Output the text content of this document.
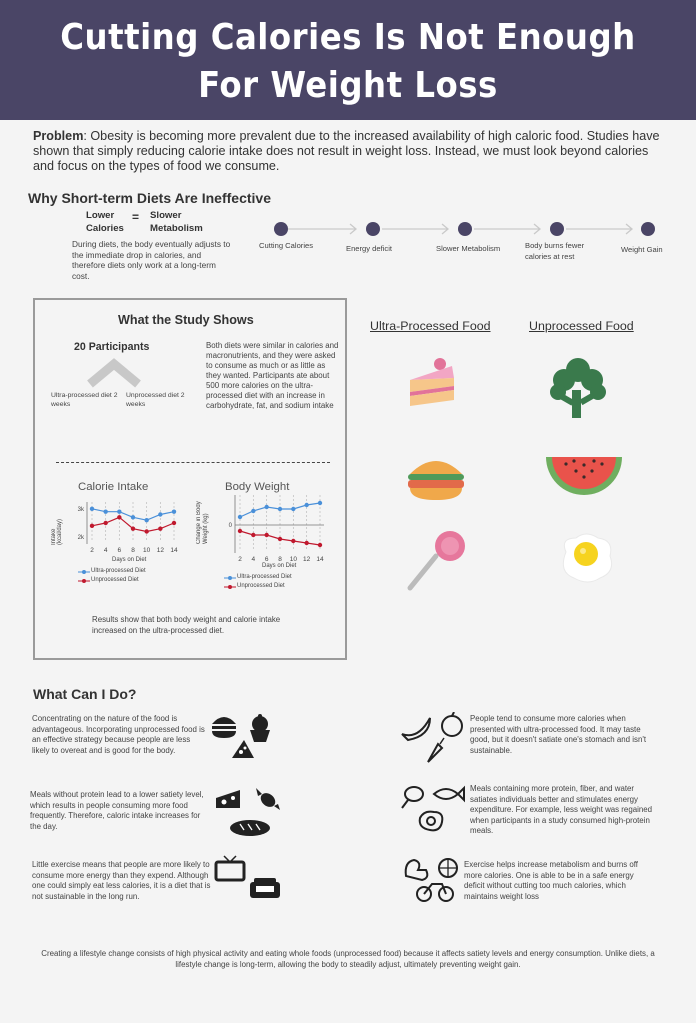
Cutting Calories Is Not Enough
For Weight Loss
Problem: Obesity is becoming more prevalent due to the increased availability of high caloric food. Studies have shown that simply reducing calorie intake does not result in weight loss. Instead, we must look beyond calories and focus on the types of food we consume.
Why Short-term Diets Are Ineffective
Lower Calories
= Slower Metabolism
During diets, the body eventually adjusts to the immediate drop in calories, and therefore diets only work at a long-term cost.
Cutting Calories	Energy deficit	Slower Metabolism	Body burns fewer calories at rest
Weight Gain
What the Study Shows
20 Participants
Ultra-processed diet 2 weeks
Unprocessed diet 2 weeks
Both diets were similar in calories and macronutrients, and they were asked to consume as much or as little as they wanted. Participants ate about 500 more calories on the ultra-processed diet with an increase in carbohydrate, fat, and sodium intake
Calorie Intake
Intake (kcal/day)
2 4 6 8 10 12 14
3k
2k
Days on Diet
Ultra-processed Diet
Unprocessed Diet
Body Weight
Change in Body Weight (kg)
2 4 6 8 10 12 14
0
Days on Diet
Ultra-processed Diet
Unprocessed Diet
Results show that both body weight and calorie intake increased on the ultra-processed diet.
Ultra-Processed Food	Unprocessed Food
What Can I Do?
Concentrating on the nature of the food is advantageous. Incorporating unprocessed food is an effective strategy because people are less likely to overeat and is good for the body.
Meals without protein lead to a lower satiety level, which results in people consuming more food frequently. Therefore, caloric intake increases for the day.
Little exercise means that people are more likely to consume more energy than they expend. Although one could simply eat less calories, it is a diet that is not sustainable in the long run.
People tend to consume more calories when presented with ultra-processed food. It may taste good, but it doesn't satiate one's stomach and isn't sustainable.
Meals containing more protein, fiber, and water satiates individuals better and stimulates energy expenditure. For example, less weight was regained when participants in a study consumed high-protein meals.
Exercise helps increase metabolism and burns off more calories. One is able to be in a safe energy deficit without cutting too much calories, which maintains weight loss
Creating a lifestyle change consists of high physical activity and eating whole foods (unprocessed food) because it affects satiety levels and energy consumption. Unlike diets, a lifestyle change is long-term, allowing the body to steadily adjust, ultimately preventing weight gain.
